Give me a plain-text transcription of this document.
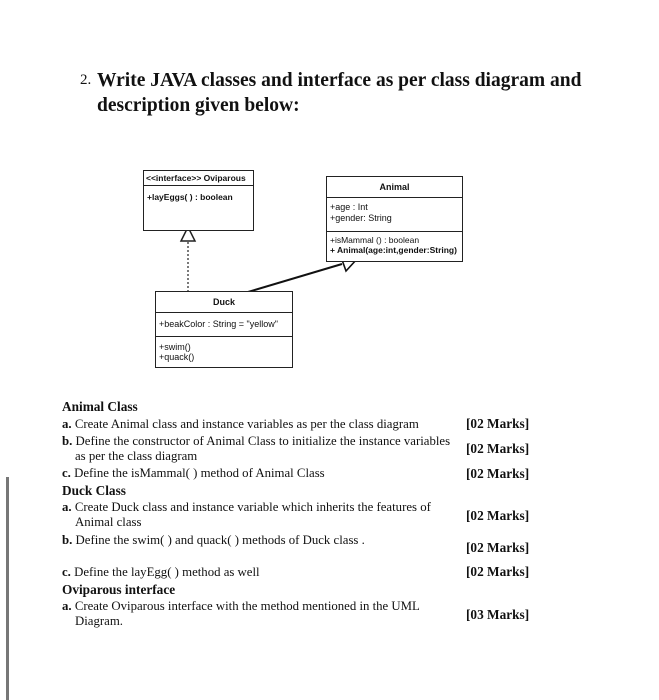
2. Write JAVA classes and interface as per class diagram and
description given below:
<<interface>> Oviparous
+layEggs( ) : boolean
Animal
+age : Int
+gender: String
+isMammal () : boolean
+ Animal(age:int,gender:String)
Duck
+beakColor : String = "yellow"
+swim()
+quack()
Animal Class
a. Create Animal class and instance variables as per the class diagram	[02 Marks]
b. Define the constructor of Animal Class to initialize the instance variables
as per the class diagram	[02 Marks]
c. Define the isMammal( ) method of Animal Class	[02 Marks]
Duck Class
a. Create Duck class and instance variable which inherits the features of
Animal class	[02 Marks]
b. Define the swim( ) and quack( ) methods of Duck class .	[02 Marks]
c. Define the layEgg( ) method as well	[02 Marks]
Oviparous interface
a. Create Oviparous interface with the method mentioned in the UML
Diagram.	[03 Marks]
